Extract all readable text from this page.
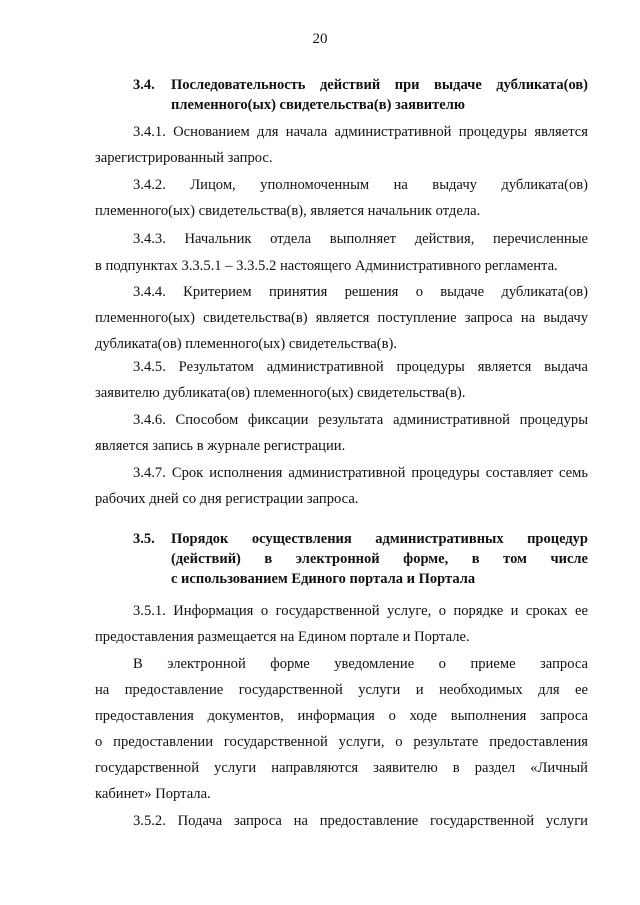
20
3.4. Последовательность действий при выдаче дубликата(ов)
племенного(ых) свидетельства(в) заявителю
3.4.1. Основанием для начала административной процедуры является
зарегистрированный запрос.
3.4.2. Лицом, уполномоченным на выдачу дубликата(ов)
племенного(ых) свидетельства(в), является начальник отдела.
3.4.3. Начальник отдела выполняет действия, перечисленные
в подпунктах 3.3.5.1 – 3.3.5.2 настоящего Административного регламента.
3.4.4. Критерием принятия решения о выдаче дубликата(ов)
племенного(ых) свидетельства(в) является поступление запроса на выдачу
дубликата(ов) племенного(ых) свидетельства(в).
3.4.5. Результатом административной процедуры является выдача
заявителю дубликата(ов) племенного(ых) свидетельства(в).
3.4.6. Способом фиксации результата административной процедуры
является запись в журнале регистрации.
3.4.7. Срок исполнения административной процедуры составляет семь
рабочих дней со дня регистрации запроса.
3.5. Порядок осуществления административных процедур
(действий) в электронной форме, в том числе
с использованием Единого портала и Портала
3.5.1. Информация о государственной услуге, о порядке и сроках ее
предоставления размещается на Едином портале и Портале.
В электронной форме уведомление о приеме запроса
на предоставление государственной услуги и необходимых для ее
предоставления документов, информация о ходе выполнения запроса
о предоставлении государственной услуги, о результате предоставления
государственной услуги направляются заявителю в раздел «Личный
кабинет» Портала.
3.5.2. Подача запроса на предоставление государственной услуги
